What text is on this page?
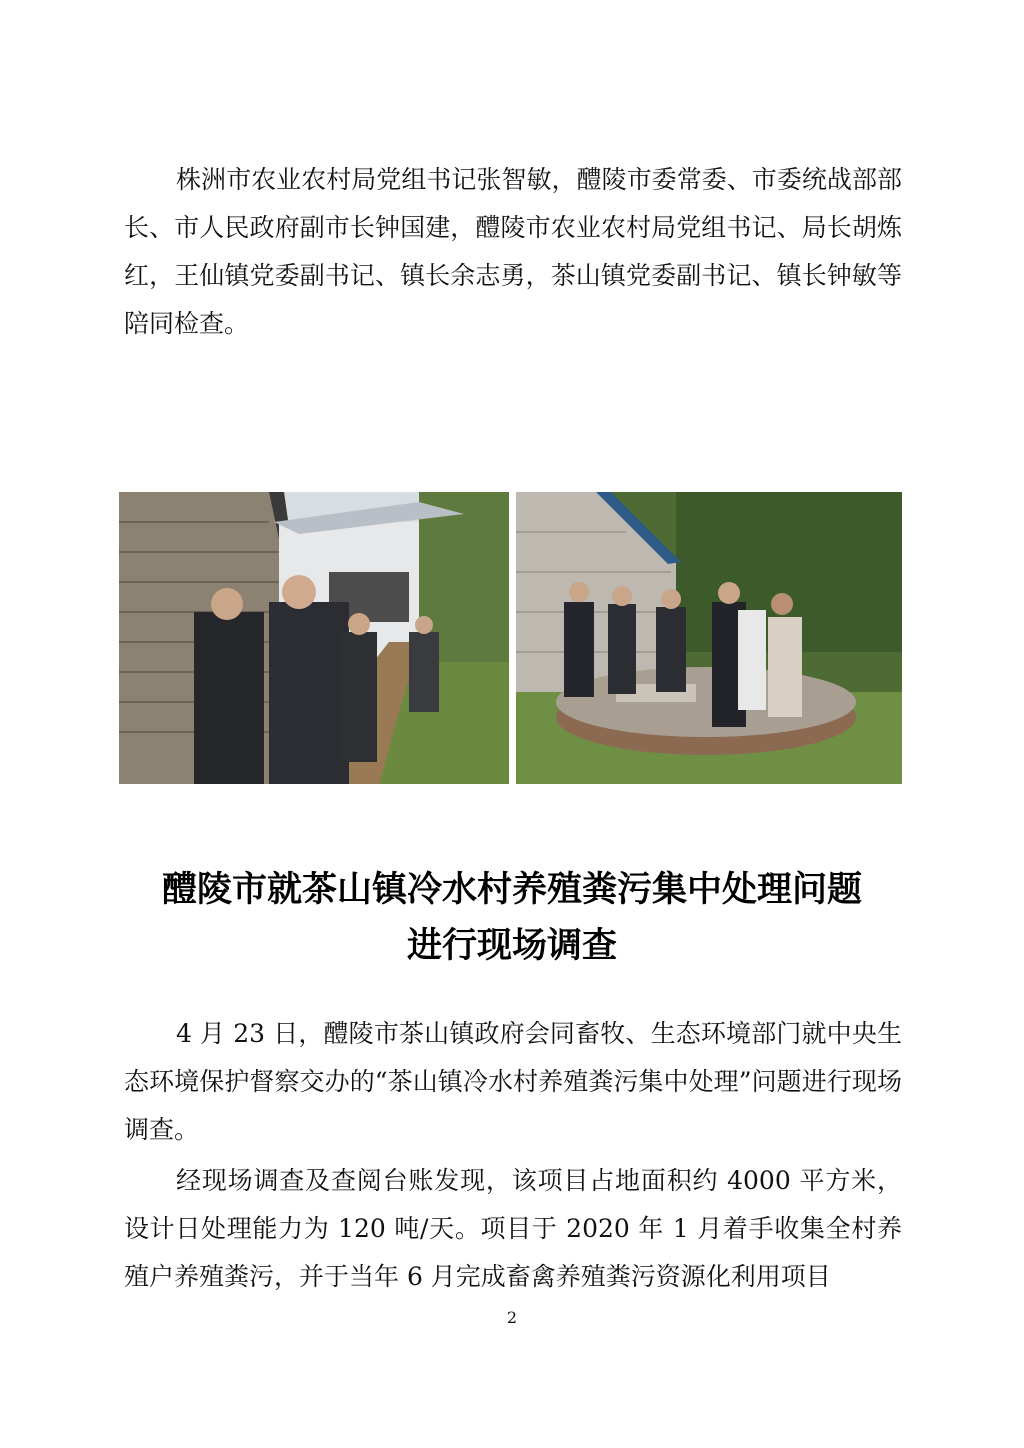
株洲市农业农村局党组书记张智敏，醴陵市委常委、市委统战部部长、市人民政府副市长钟国建，醴陵市农业农村局党组书记、局长胡炼红，王仙镇党委副书记、镇长余志勇，茶山镇党委副书记、镇长钟敏等陪同检查。

醴陵市就茶山镇冷水村养殖粪污集中处理问题
进行现场调查

4 月 23 日，醴陵市茶山镇政府会同畜牧、生态环境部门就中央生态环境保护督察交办的“茶山镇冷水村养殖粪污集中处理”问题进行现场调查。

经现场调查及查阅台账发现，该项目占地面积约 4000 平方米，设计日处理能力为 120 吨/天。项目于 2020 年 1 月着手收集全村养殖户养殖粪污，并于当年 6 月完成畜禽养殖粪污资源化利用项目

2
